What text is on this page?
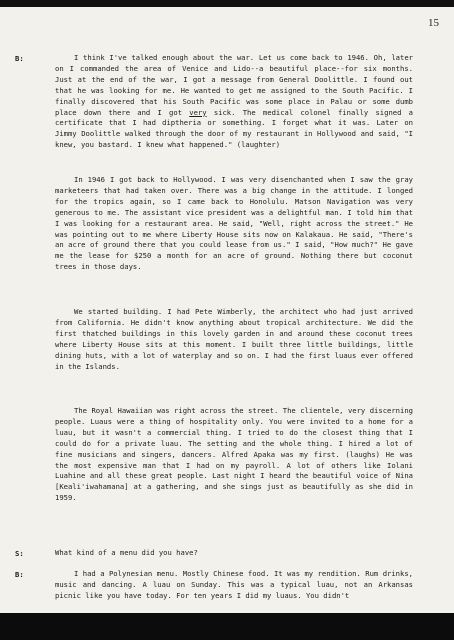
15
B:	I think I've talked enough about the war. Let us come back to 1946. Oh, later on I commanded the area of Venice and Lido--a beautiful place--for six months. Just at the end of the war, I got a message from General Doolittle. I found out that he was looking for me. He wanted to get me assigned to the South Pacific. I finally discovered that his South Pacific was some place in Palau or some dumb place down there and I got very sick. The medical colonel finally signed a certificate that I had diptheria or something. I forget what it was. Later on Jimmy Doolittle walked through the door of my restaurant in Hollywood and said, "I knew, you bastard. I knew what happened." (laughter)
In 1946 I got back to Hollywood. I was very disenchanted when I saw the gray marketeers that had taken over. There was a big change in the attitude. I longed for the tropics again, so I came back to Honolulu. Matson Navigation was very generous to me. The assistant vice president was a delightful man. I told him that I was looking for a restaurant area. He said, "Well, right across the street." He was pointing out to me where Liberty House sits now on Kalakaua. He said, "There's an acre of ground there that you could lease from us." I said, "How much?" He gave me the lease for $250 a month for an acre of ground. Nothing there but coconut trees in those days.
We started building. I had Pete Wimberly, the architect who had just arrived from California. He didn't know anything about tropical architecture. We did the first thatched buildings in this lovely garden in and around these coconut trees where Liberty House sits at this moment. I built three little buildings, little dining huts, with a lot of waterplay and so on. I had the first luaus ever offered in the Islands.
The Royal Hawaiian was right across the street. The clientele, very discerning people. Luaus were a thing of hospitality only. You were invited to a home for a luau, but it wasn't a commercial thing. I tried to do the closest thing that I could do for a private luau. The setting and the whole thing. I hired a lot of fine musicians and singers, dancers. Alfred Apaka was my first. (laughs) He was the most expensive man that I had on my payroll. A lot of others like Iolani Luahine and all these great people. Last night I heard the beautiful voice of Nina [Keali'iwahamana] at a gathering, and she sings just as beautifully as she did in 1959.
S:	What kind of a menu did you have?
B:	I had a Polynesian menu. Mostly Chinese food. It was my rendition. Rum drinks, music and dancing. A luau on Sunday. This was a typical luau, not an Arkansas picnic like you have today. For ten years I did my luaus. You didn't
